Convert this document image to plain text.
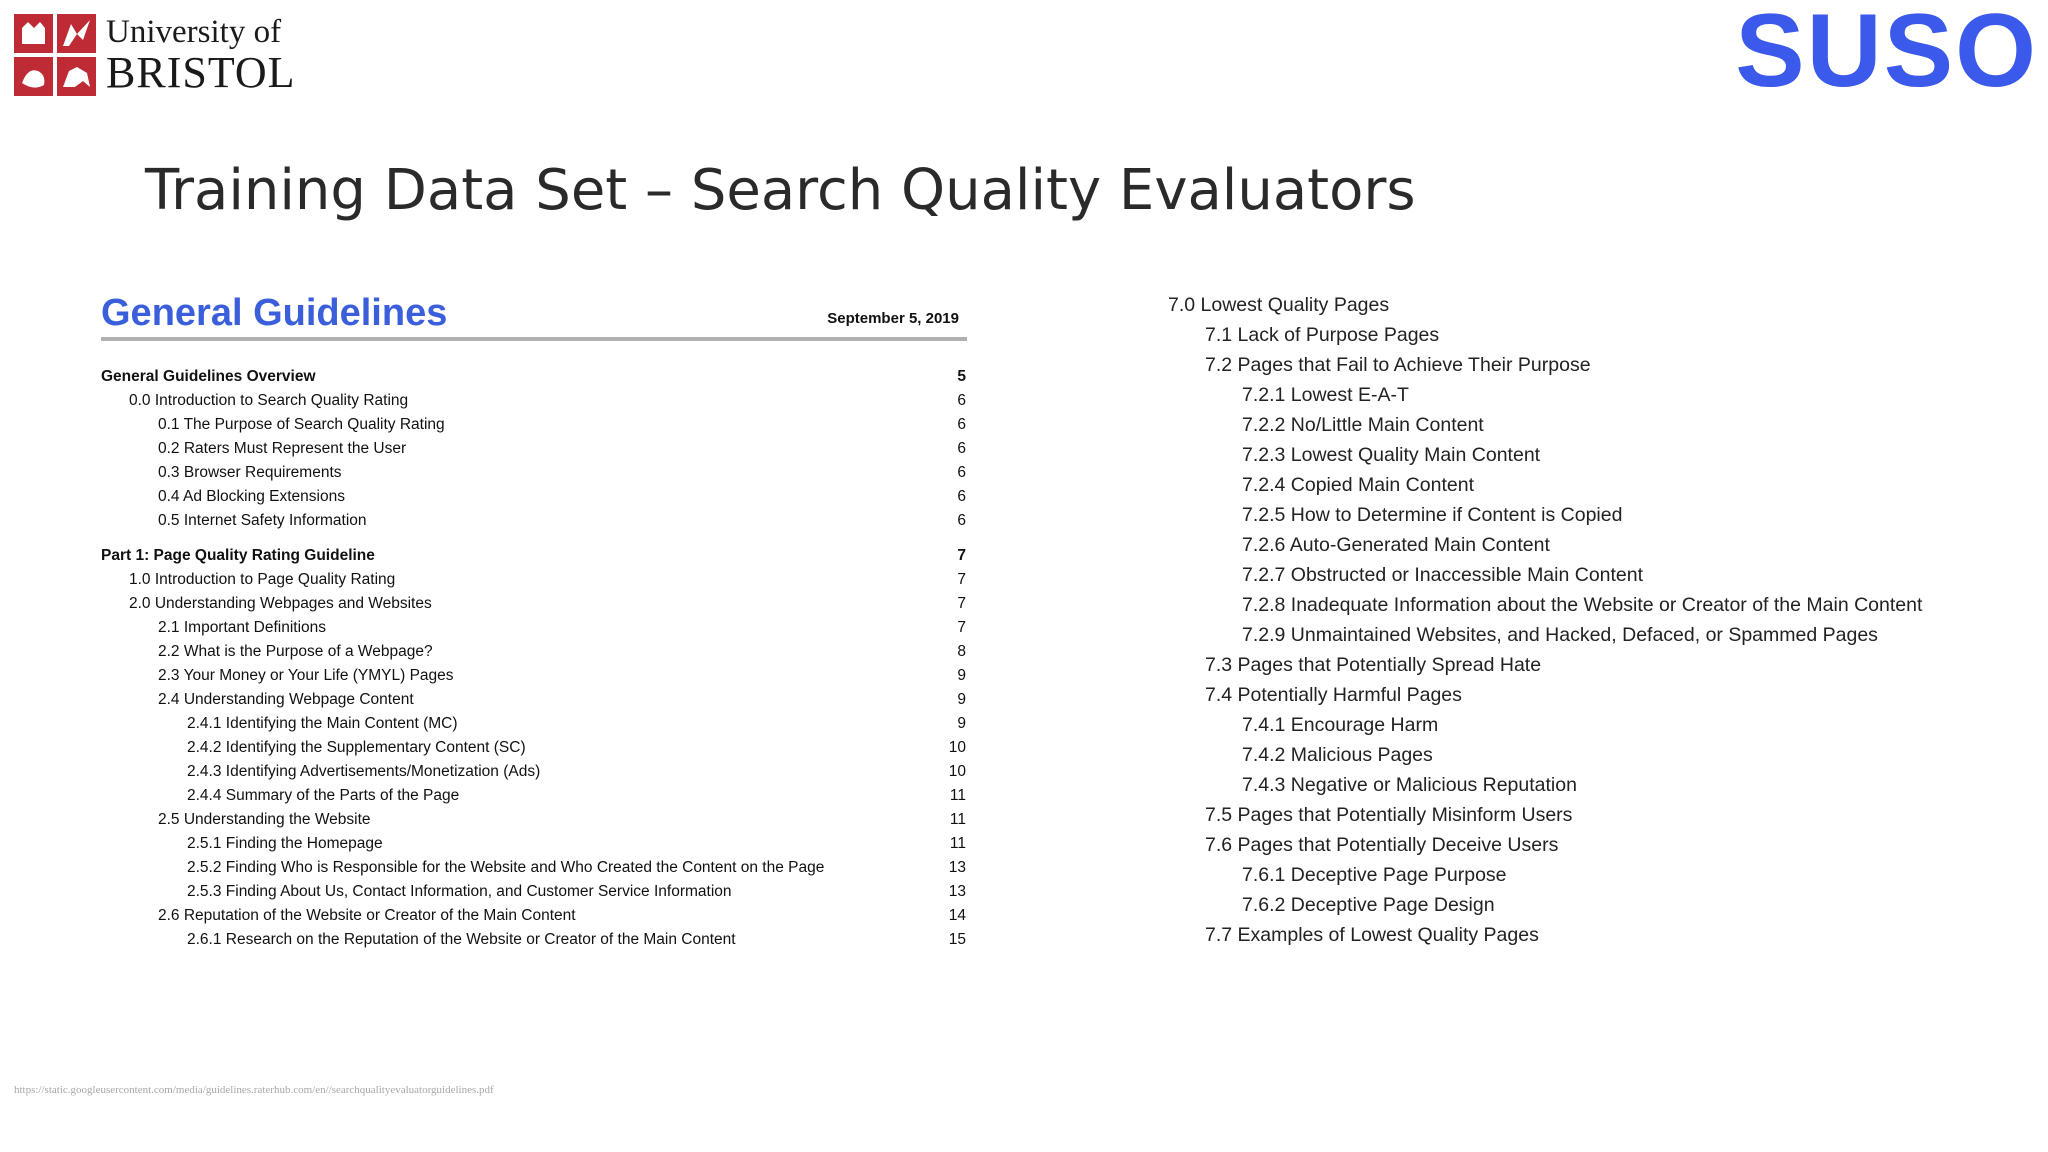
University of
BRISTOL	SUSO
Training Data Set – Search Quality Evaluators
General Guidelines	September 5, 2019
General Guidelines Overview	5
0.0 Introduction to Search Quality Rating	6
0.1 The Purpose of Search Quality Rating	6
0.2 Raters Must Represent the User	6
0.3 Browser Requirements	6
0.4 Ad Blocking Extensions	6
0.5 Internet Safety Information	6
Part 1: Page Quality Rating Guideline	7
1.0 Introduction to Page Quality Rating	7
2.0 Understanding Webpages and Websites	7
2.1 Important Definitions	7
2.2 What is the Purpose of a Webpage?	8
2.3 Your Money or Your Life (YMYL) Pages	9
2.4 Understanding Webpage Content	9
2.4.1 Identifying the Main Content (MC)	9
2.4.2 Identifying the Supplementary Content (SC)	10
2.4.3 Identifying Advertisements/Monetization (Ads)	10
2.4.4 Summary of the Parts of the Page	11
2.5 Understanding the Website	11
2.5.1 Finding the Homepage	11
2.5.2 Finding Who is Responsible for the Website and Who Created the Content on the Page	13
2.5.3 Finding About Us, Contact Information, and Customer Service Information	13
2.6 Reputation of the Website or Creator of the Main Content	14
2.6.1 Research on the Reputation of the Website or Creator of the Main Content	15
7.0 Lowest Quality Pages
7.1 Lack of Purpose Pages
7.2 Pages that Fail to Achieve Their Purpose
7.2.1 Lowest E-A-T
7.2.2 No/Little Main Content
7.2.3 Lowest Quality Main Content
7.2.4 Copied Main Content
7.2.5 How to Determine if Content is Copied
7.2.6 Auto-Generated Main Content
7.2.7 Obstructed or Inaccessible Main Content
7.2.8 Inadequate Information about the Website or Creator of the Main Content
7.2.9 Unmaintained Websites, and Hacked, Defaced, or Spammed Pages
7.3 Pages that Potentially Spread Hate
7.4 Potentially Harmful Pages
7.4.1 Encourage Harm
7.4.2 Malicious Pages
7.4.3 Negative or Malicious Reputation
7.5 Pages that Potentially Misinform Users
7.6 Pages that Potentially Deceive Users
7.6.1 Deceptive Page Purpose
7.6.2 Deceptive Page Design
7.7 Examples of Lowest Quality Pages
https://static.googleusercontent.com/media/guidelines.raterhub.com/en//searchqualityevaluatorguidelines.pdf
